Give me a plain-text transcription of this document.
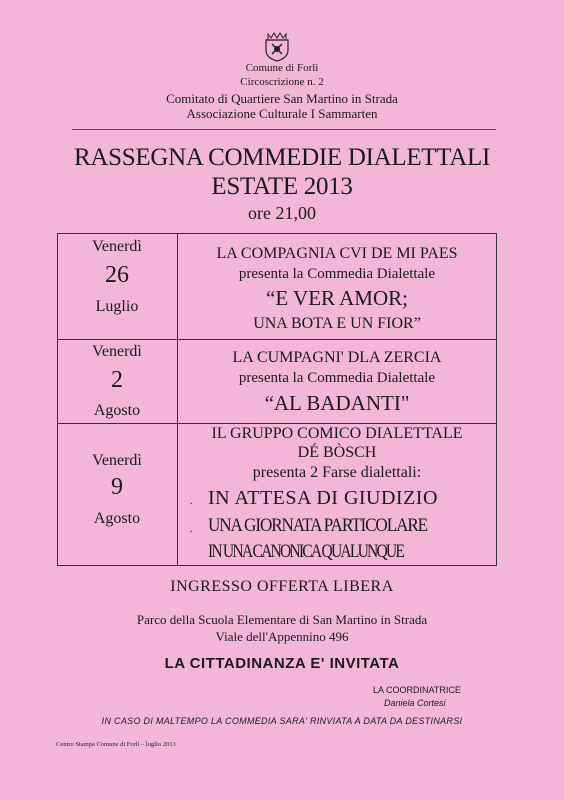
Comune di Forlì
Circoscrizione n. 2
Comitato di Quartiere San Martino in Strada
Associazione Culturale I Sammarten
RASSEGNA COMMEDIE DIALETTALI
ESTATE 2013
ore 21,00
Venerdì
26
Luglio
LA COMPAGNIA CVI DE MI PAES
presenta la Commedia Dialettale
“E VER AMOR;
UNA BOTA E UN FIOR”
Venerdì
2
Agosto
LA CUMPAGNI' DLA ZERCIA
presenta la Commedia Dialettale
“AL BADANTI"
Venerdì
9
Agosto
IL GRUPPO COMICO DIALETTALE
DÉ BÒSCH
presenta 2 Farse dialettali:
. IN ATTESA DI GIUDIZIO
. UNA GIORNATA PARTICOLARE
IN UNA CANONICA QUALUNQUE
INGRESSO OFFERTA LIBERA
Parco della Scuola Elementare di San Martino in Strada
Viale dell'Appennino 496
LA CITTADINANZA E' INVITATA
LA COORDINATRICE
Daniela Cortesi
IN CASO DI MALTEMPO LA COMMEDIA SARA' RINVIATA A DATA DA DESTINARSI
Centro Stampa Comune di Forlì – luglio 2013
